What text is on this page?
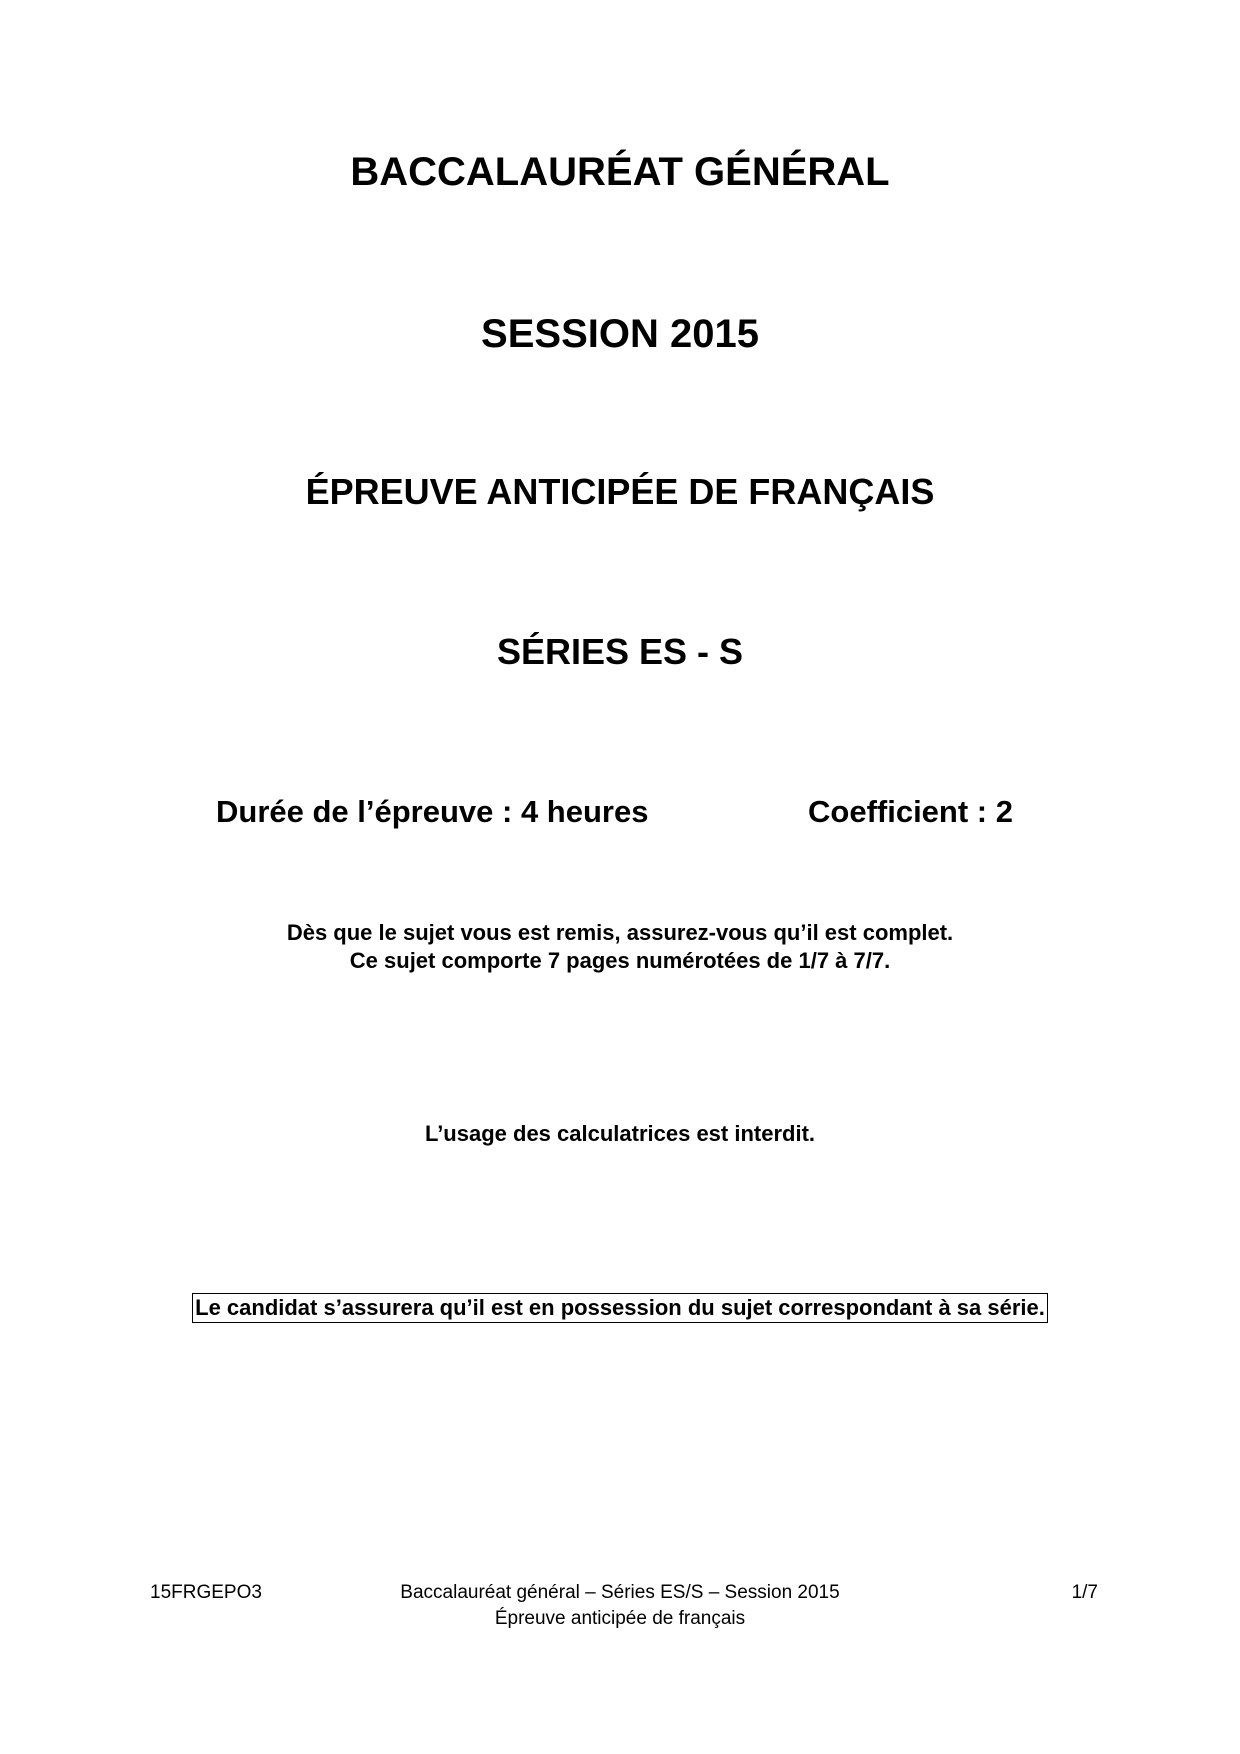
BACCALAURÉAT GÉNÉRAL
SESSION 2015
ÉPREUVE ANTICIPÉE DE FRANÇAIS
SÉRIES ES - S
Durée de l’épreuve : 4 heures	Coefficient : 2
Dès que le sujet vous est remis, assurez-vous qu’il est complet.
Ce sujet comporte 7 pages numérotées de 1/7 à 7/7.
L’usage des calculatrices est interdit.
Le candidat s’assurera qu’il est en possession du sujet correspondant à sa série.
15FRGEPO3	Baccalauréat général – Séries ES/S – Session 2015
Épreuve anticipée de français
1/7
